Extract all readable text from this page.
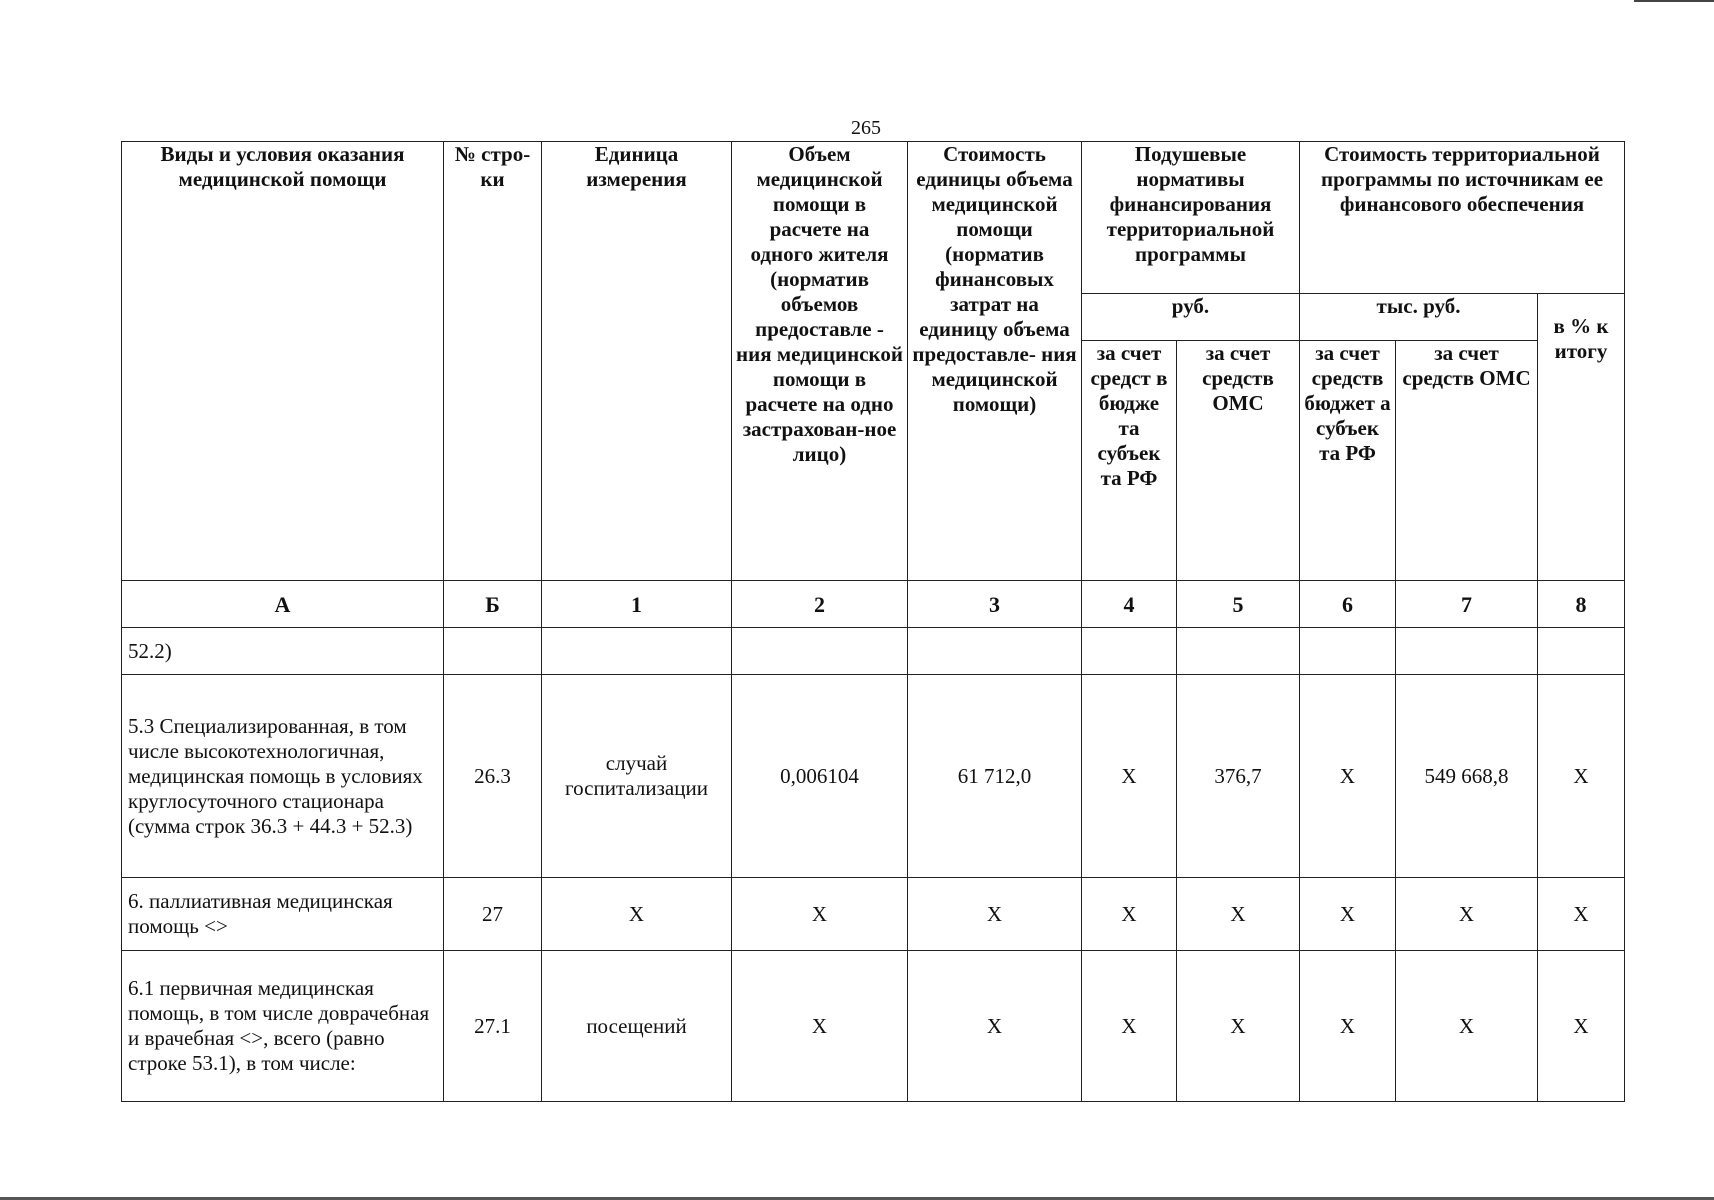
265
Виды и условия оказания медицинской помощи	№ стро-ки	Единица измерения	Объем медицинской помощи в расчете на одного жителя (норматив объемов предоставле - ния медицинской помощи в расчете на одно застрахован-ное лицо)	Стоимость единицы объема медицинской помощи (норматив финансовых затрат на единицу объема предоставле- ния медицинской помощи)	Подушевые нормативы финансирования территориальной программы		Стоимость территориальной программы по источникам ее финансового обеспечения		
					руб.		тыс. руб.		в % к итогу
					за счет средст в бюдже та субъек та РФ	за счет средств ОМС	за счет средств бюджет а субъек та РФ	за счет средств ОМС	
А	Б	1	2	3	4	5	6	7	8
52.2)									
5.3 Специализированная, в том числе высокотехнологичная, медицинская помощь в условиях круглосуточного стационара (сумма строк 36.3 + 44.3 + 52.3)	26.3	случай госпитализации	0,006104	61 712,0	X	376,7	X	549 668,8	X
6. паллиативная медицинская помощь <>	27	X	X	X	X	X	X	X	X
6.1 первичная медицинская помощь, в том числе доврачебная и врачебная <>, всего (равно строке 53.1), в том числе:	27.1	посещений	X	X	X	X	X	X	X
